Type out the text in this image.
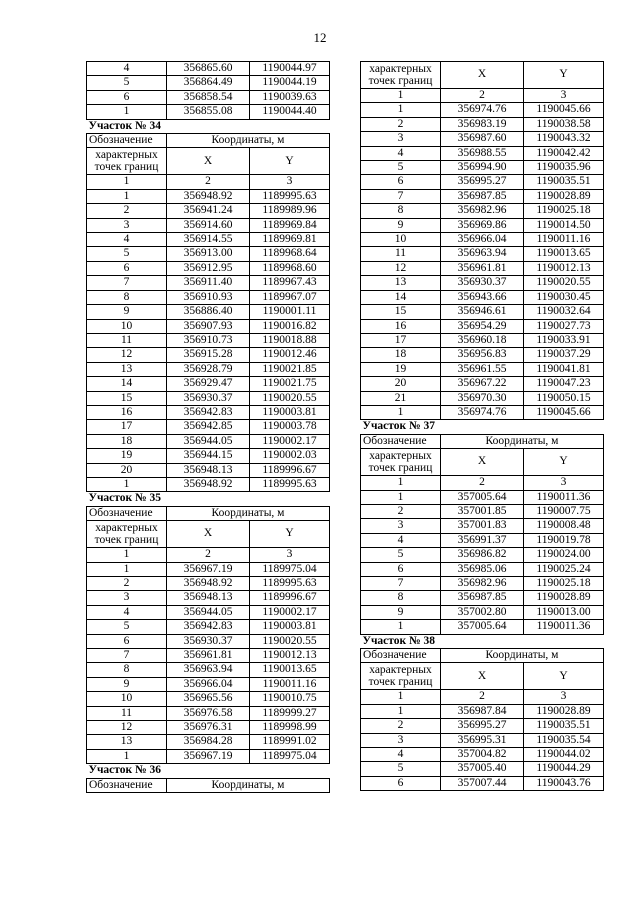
12
4	356865.60	1190044.97
5	356864.49	1190044.19
6	356858.54	1190039.63
1	356855.08	1190044.40
Участок № 34		
Обозначение	Координаты, м	
характерных точек границ	X	Y
1	2	3
1	356948.92	1189995.63
2	356941.24	1189989.96
3	356914.60	1189969.84
4	356914.55	1189969.81
5	356913.00	1189968.64
6	356912.95	1189968.60
7	356911.40	1189967.43
8	356910.93	1189967.07
9	356886.40	1190001.11
10	356907.93	1190016.82
11	356910.73	1190018.88
12	356915.28	1190012.46
13	356928.79	1190021.85
14	356929.47	1190021.75
15	356930.37	1190020.55
16	356942.83	1190003.81
17	356942.85	1190003.78
18	356944.05	1190002.17
19	356944.15	1190002.03
20	356948.13	1189996.67
1	356948.92	1189995.63
Участок № 35		
Обозначение	Координаты, м	
характерных точек границ	X	Y
1	2	3
1	356967.19	1189975.04
2	356948.92	1189995.63
3	356948.13	1189996.67
4	356944.05	1190002.17
5	356942.83	1190003.81
6	356930.37	1190020.55
7	356961.81	1190012.13
8	356963.94	1190013.65
9	356966.04	1190011.16
10	356965.56	1190010.75
11	356976.58	1189999.27
12	356976.31	1189998.99
13	356984.28	1189991.02
1	356967.19	1189975.04
Участок № 36		
Обозначение	Координаты, м	
характерных точек границ	X	Y
1	2	3
1	356974.76	1190045.66
2	356983.19	1190038.58
3	356987.60	1190043.32
4	356988.55	1190042.42
5	356994.90	1190035.96
6	356995.27	1190035.51
7	356987.85	1190028.89
8	356982.96	1190025.18
9	356969.86	1190014.50
10	356966.04	1190011.16
11	356963.94	1190013.65
12	356961.81	1190012.13
13	356930.37	1190020.55
14	356943.66	1190030.45
15	356946.61	1190032.64
16	356954.29	1190027.73
17	356960.18	1190033.91
18	356956.83	1190037.29
19	356961.55	1190041.81
20	356967.22	1190047.23
21	356970.30	1190050.15
1	356974.76	1190045.66
Участок № 37		
Обозначение	Координаты, м	
характерных точек границ	X	Y
1	2	3
1	357005.64	1190011.36
2	357001.85	1190007.75
3	357001.83	1190008.48
4	356991.37	1190019.78
5	356986.82	1190024.00
6	356985.06	1190025.24
7	356982.96	1190025.18
8	356987.85	1190028.89
9	357002.80	1190013.00
1	357005.64	1190011.36
Участок № 38		
Обозначение	Координаты, м	
характерных точек границ	X	Y
1	2	3
1	356987.84	1190028.89
2	356995.27	1190035.51
3	356995.31	1190035.54
4	357004.82	1190044.02
5	357005.40	1190044.29
6	357007.44	1190043.76
